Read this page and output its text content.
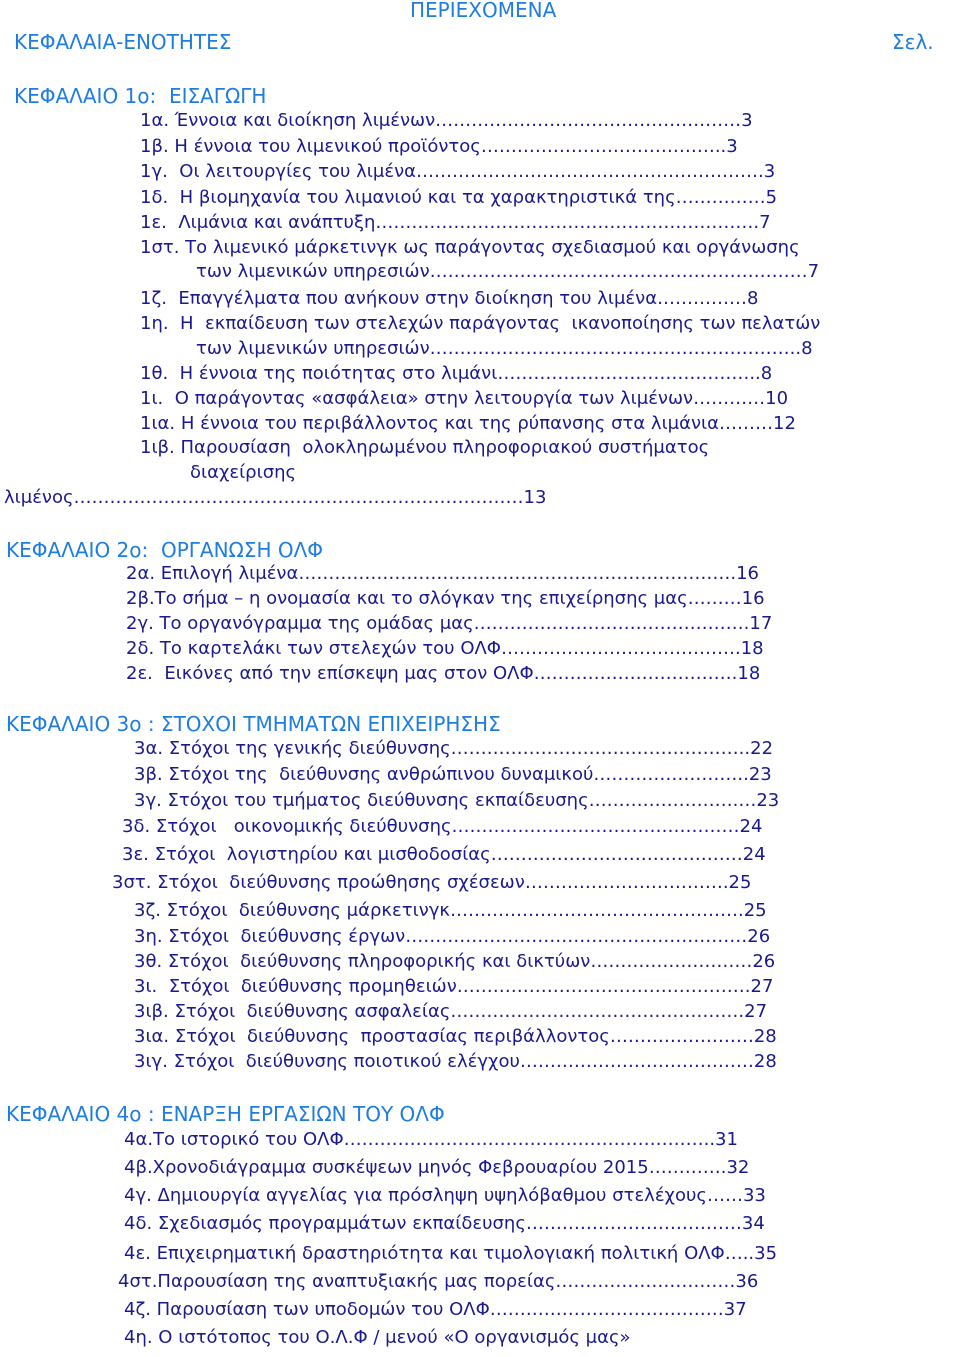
ΠΕΡΙΕΧΟΜΕΝΑ
ΚΕΦΑΛΑΙΑ-ΕΝΟΤΗΤΕΣ	Σελ.
ΚΕΦΑΛΑΙΟ 1ο:  ΕΙΣΑΓΩΓΗ
1α. Έννοια και διοίκηση λιμένων……………………………………………3
1β. Η έννοια του λιμενικού προϊόντος…………………………………..3
1γ.  Οι λειτουργίες του λιμένα………………………………………………….3
1δ.  Η βιομηχανία του λιμανιού και τα χαρακτηριστικά της……………5
1ε.  Λιμάνια και ανάπτυξη……………………………………………………….7
1στ. Το λιμενικό μάρκετινγκ ως παράγοντας σχεδιασμού και οργάνωσης
των λιμενικών υπηρεσιών………………………………………………………7
1ζ.  Επαγγέλματα που ανήκουν στην διοίκηση του λιμένα……………8
1η.  Η  εκπαίδευση των στελεχών παράγοντας  ικανοποίησης των πελατών
των λιμενικών υπηρεσιών……………………………………………………..8
1θ.  Η έννοια της ποιότητας στο λιμάνι……………………………………..8
1ι.  Ο παράγοντας «ασφάλεια» στην λειτουργία των λιμένων…………10
1ια. Η έννοια του περιβάλλοντος και της ρύπανσης στα λιμάνια………12
1ιβ. Παρουσίαση  ολοκληρωμένου πληροφοριακού συστήματος
διαχείρισης
λιμένος…………………………………………………………………13
ΚΕΦΑΛΑΙΟ 2ο:  ΟΡΓΑΝΩΣΗ ΟΛΦ
2α. Επιλογή λιμένα……………………………………………………………….16
2β.Το σήμα – η ονομασία και το σλόγκαν της επιχείρησης μας………16
2γ. Το οργανόγραμμα της ομάδας μας……………………………………….17
2δ. Το καρτελάκι των στελεχών του ΟΛΦ………………………………….18
2ε.  Εικόνες από την επίσκεψη μας στον ΟΛΦ…………………………….18
ΚΕΦΑΛΑΙΟ 3ο : ΣΤΟΧΟΙ ΤΜΗΜΑΤΩΝ ΕΠΙΧΕΙΡΗΣΗΣ
3α. Στόχοι της γενικής διεύθυνσης…………………………………………..22
3β. Στόχοι της  διεύθυνσης ανθρώπινου δυναμικού……………………..23
3γ. Στόχοι του τμήματος διεύθυνσης εκπαίδευσης…………………….…23
3δ. Στόχοι   οικονομικής διεύθυνσης…………………………………………24
3ε. Στόχοι  λογιστηρίου και μισθοδοσίας……………………………………24
3στ. Στόχοι  διεύθυνσης προώθησης σχέσεων…………………………….25
3ζ. Στόχοι  διεύθυνσης μάρκετινγκ………………………………………….25
3η. Στόχοι  διεύθυνσης έργων…………………………………………………26
3θ. Στόχοι  διεύθυνσης πληροφορικής και δικτύων………………………26
3ι.  Στόχοι  διεύθυνσης προμηθειών………………………………………….27
3ιβ. Στόχοι  διεύθυνσης ασφαλείας………………………………………….27
3ια. Στόχοι  διεύθυνσης  προστασίας περιβάλλοντος……………………28
3ιγ. Στόχοι  διεύθυνσης ποιοτικού ελέγχου…………………………………28
ΚΕΦΑΛΑΙΟ 4ο : ΕΝΑΡΞΗ ΕΡΓΑΣΙΩΝ ΤΟΥ ΟΛΦ
4α.Το ιστορικό του ΟΛΦ……………………………………………………..31
4β.Χρονοδιάγραμμα συσκέψεων μηνός Φεβρουαρίου 2015………….32
4γ. Δημιουργία αγγελίας για πρόσληψη υψηλόβαθμου στελέχους……33
4δ. Σχεδιασμός προγραμμάτων εκπαίδευσης………………………………34
4ε. Επιχειρηματική δραστηριότητα και τιμολογιακή πολιτική ΟΛΦ…..35
4στ.Παρουσίαση της αναπτυξιακής μας πορείας…………………………36
4ζ. Παρουσίαση των υποδομών του ΟΛΦ…………………………………37
4η. Ο ιστότοπος του Ο.Λ.Φ / μενού «Ο οργανισμός μας»
